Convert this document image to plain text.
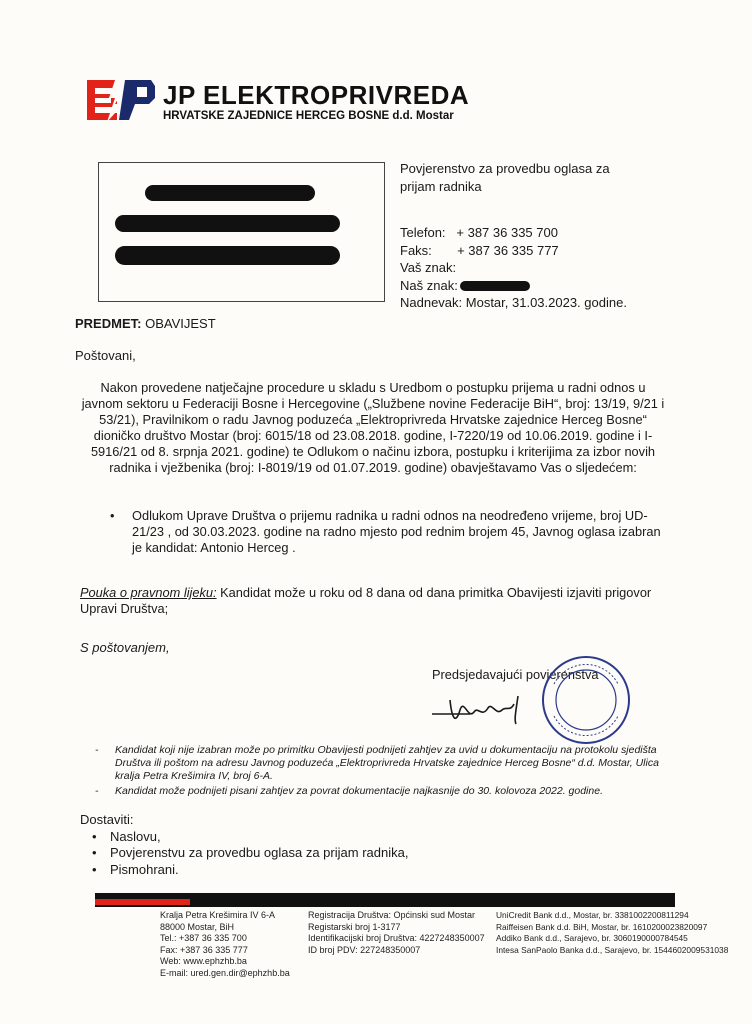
JP ELEKTROPRIVREDA
HRVATSKE ZAJEDNICE HERCEG BOSNE d.d. Mostar
Povjerenstvo za provedbu oglasa za
prijam radnika
Telefon: + 387 36 335 700
Faks: + 387 36 335 777
Vaš znak:
Naš znak:
Nadnevak: Mostar, 31.03.2023. godine.
PREDMET: OBAVIJEST
Poštovani,
Nakon provedene natječajne procedure u skladu s Uredbom o postupku prijema u radni odnos u javnom sektoru u Federaciji Bosne i Hercegovine („Službene novine Federacije BiH“, broj: 13/19, 9/21 i 53/21), Pravilnikom o radu Javnog poduzeća „Elektroprivreda Hrvatske zajednice Herceg Bosne“ dioničko društvo Mostar (broj: 6015/18 od 23.08.2018. godine, I-7220/19 od 10.06.2019. godine i I-5916/21 od 8. srpnja 2021. godine) te Odlukom o načinu izbora, postupku i kriterijima za izbor novih radnika i vježbenika (broj: I-8019/19 od 01.07.2019. godine) obavještavamo Vas o sljedećem:
• Odlukom Uprave Društva o prijemu radnika u radni odnos na neodređeno vrijeme, broj UD- 21/23 , od 30.03.2023. godine na radno mjesto pod rednim brojem 45, Javnog oglasa izabran je kandidat: Antonio Herceg .
Pouka o pravnom lijeku: Kandidat može u roku od 8 dana od dana primitka Obavijesti izjaviti prigovor Upravi Društva;
S poštovanjem,
Predsjedavajući povjerenstva
- Kandidat koji nije izabran može po primitku Obavijesti podnijeti zahtjev za uvid u dokumentaciju na protokolu sjedišta Društva ili poštom na adresu Javnog poduzeća „Elektroprivreda Hrvatske zajednice Herceg Bosne“ d.d. Mostar, Ulica kralja Petra Krešimira IV, broj 6-A.
- Kandidat može podnijeti pisani zahtjev za povrat dokumentacije najkasnije do 30. kolovoza 2022. godine.
Dostaviti:
• Naslovu,
• Povjerenstvu za provedbu oglasa za prijam radnika,
• Pismohrani.
Kralja Petra Krešimira IV 6-A
88000 Mostar, BiH
Tel.: +387 36 335 700
Fax: +387 36 335 777
Web: www.ephzhb.ba
E-mail: ured.gen.dir@ephzhb.ba
Registracija Društva: Općinski sud Mostar
Registarski broj 1-3177
Identifikacijski broj Društva: 4227248350007
ID broj PDV: 227248350007
UniCredit Bank d.d., Mostar, br. 3381002200811294
Raiffeisen Bank d.d. BiH, Mostar, br. 1610200023820097
Addiko Bank d.d., Sarajevo, br. 3060190000784545
Intesa SanPaolo Banka d.d., Sarajevo, br. 1544602009531038
